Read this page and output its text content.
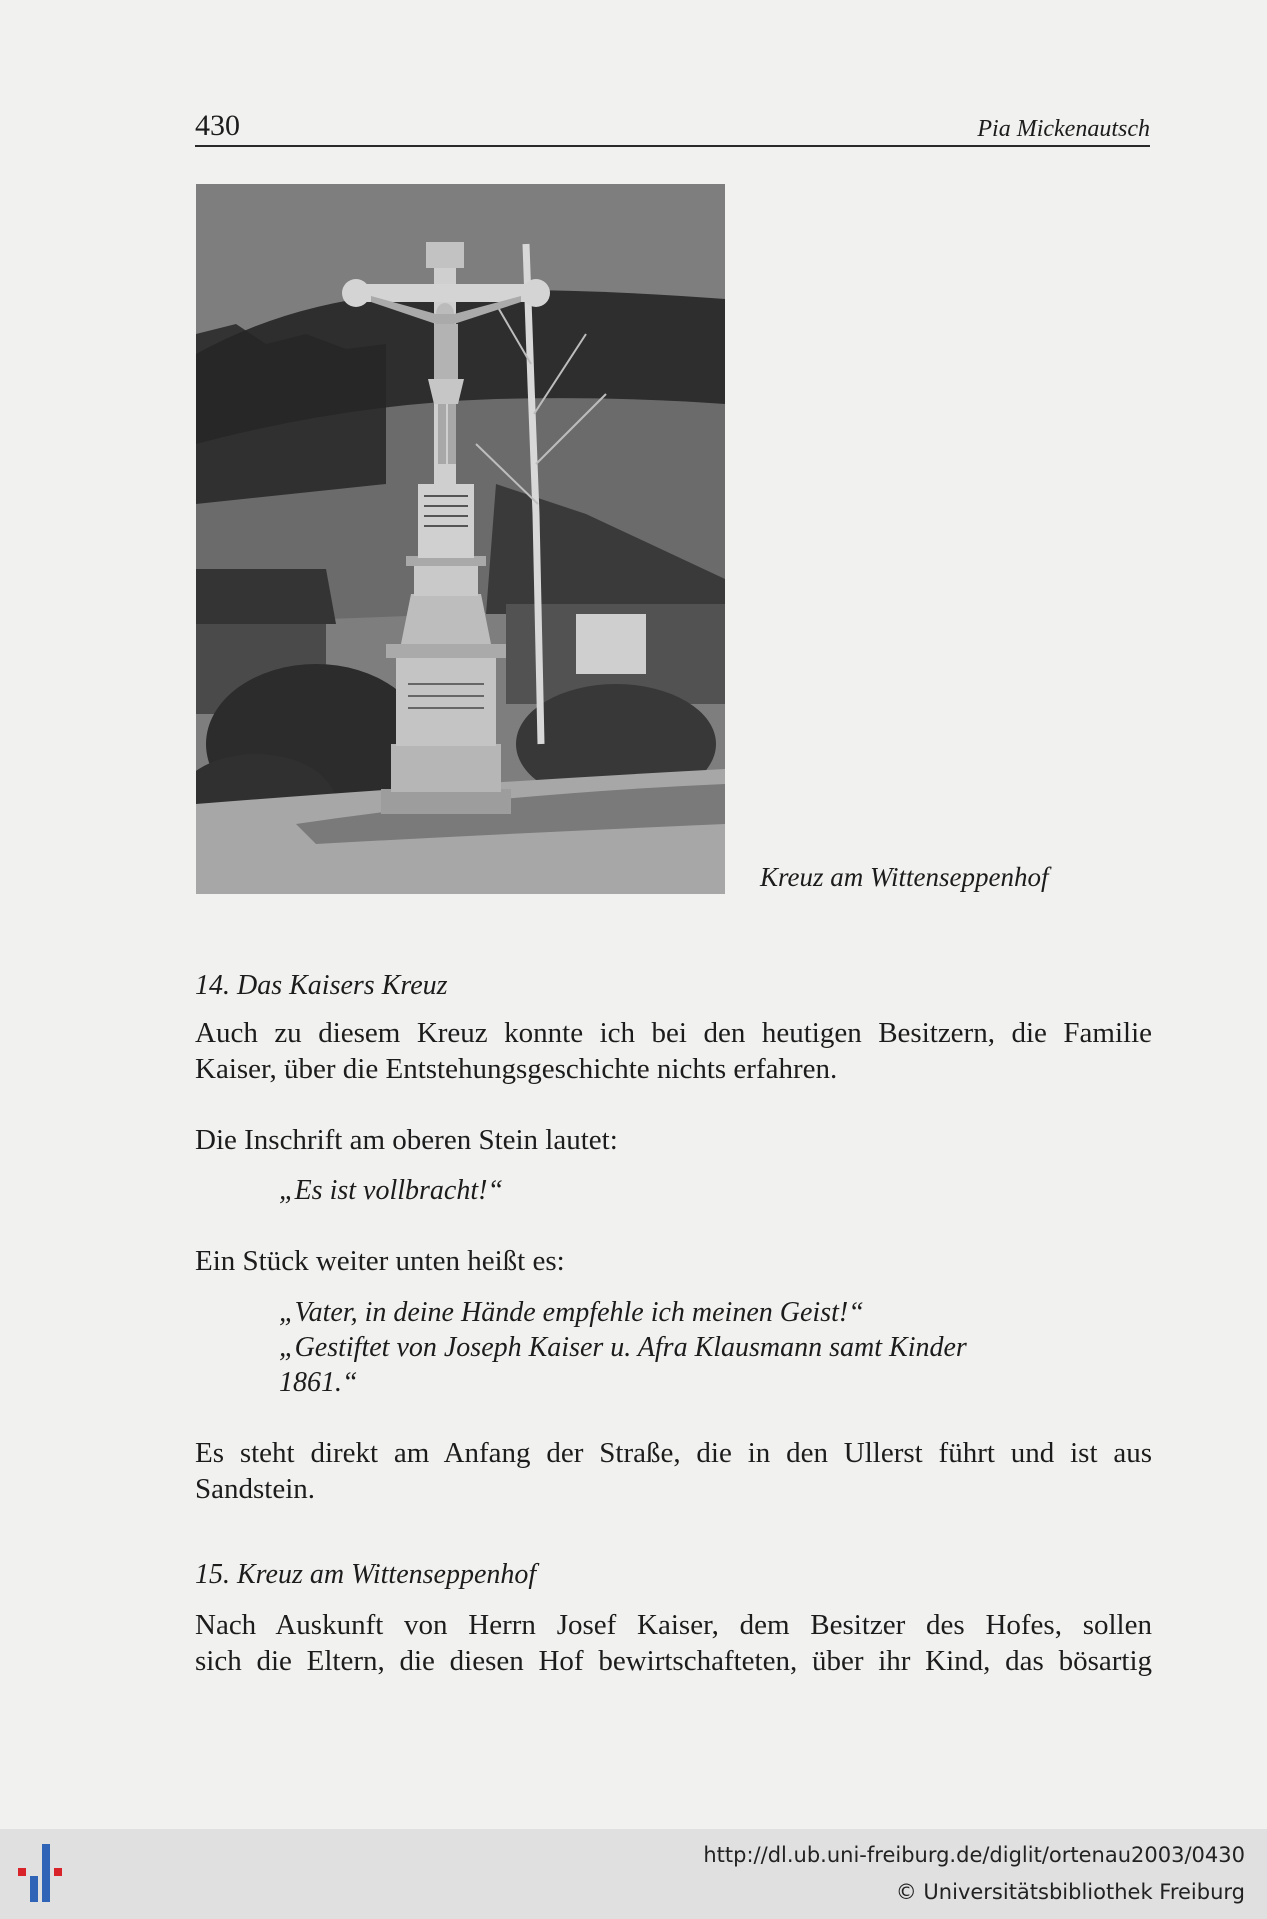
430	Pia Mickenautsch
Kreuz am Wittenseppenhof
14. Das Kaisers Kreuz
Auch zu diesem Kreuz konnte ich bei den heutigen Besitzern, die Familie
Kaiser, über die Entstehungsgeschichte nichts erfahren.
Die Inschrift am oberen Stein lautet:
„Es ist vollbracht!“
Ein Stück weiter unten heißt es:
„Vater, in deine Hände empfehle ich meinen Geist!“
„Gestiftet von Joseph Kaiser u. Afra Klausmann samt Kinder
1861.“
Es steht direkt am Anfang der Straße, die in den Ullerst führt und ist aus
Sandstein.
15. Kreuz am Wittenseppenhof
Nach Auskunft von Herrn Josef Kaiser, dem Besitzer des Hofes, sollen
sich die Eltern, die diesen Hof bewirtschafteten, über ihr Kind, das bösartig
http://dl.ub.uni-freiburg.de/diglit/ortenau2003/0430
© Universitätsbibliothek Freiburg
